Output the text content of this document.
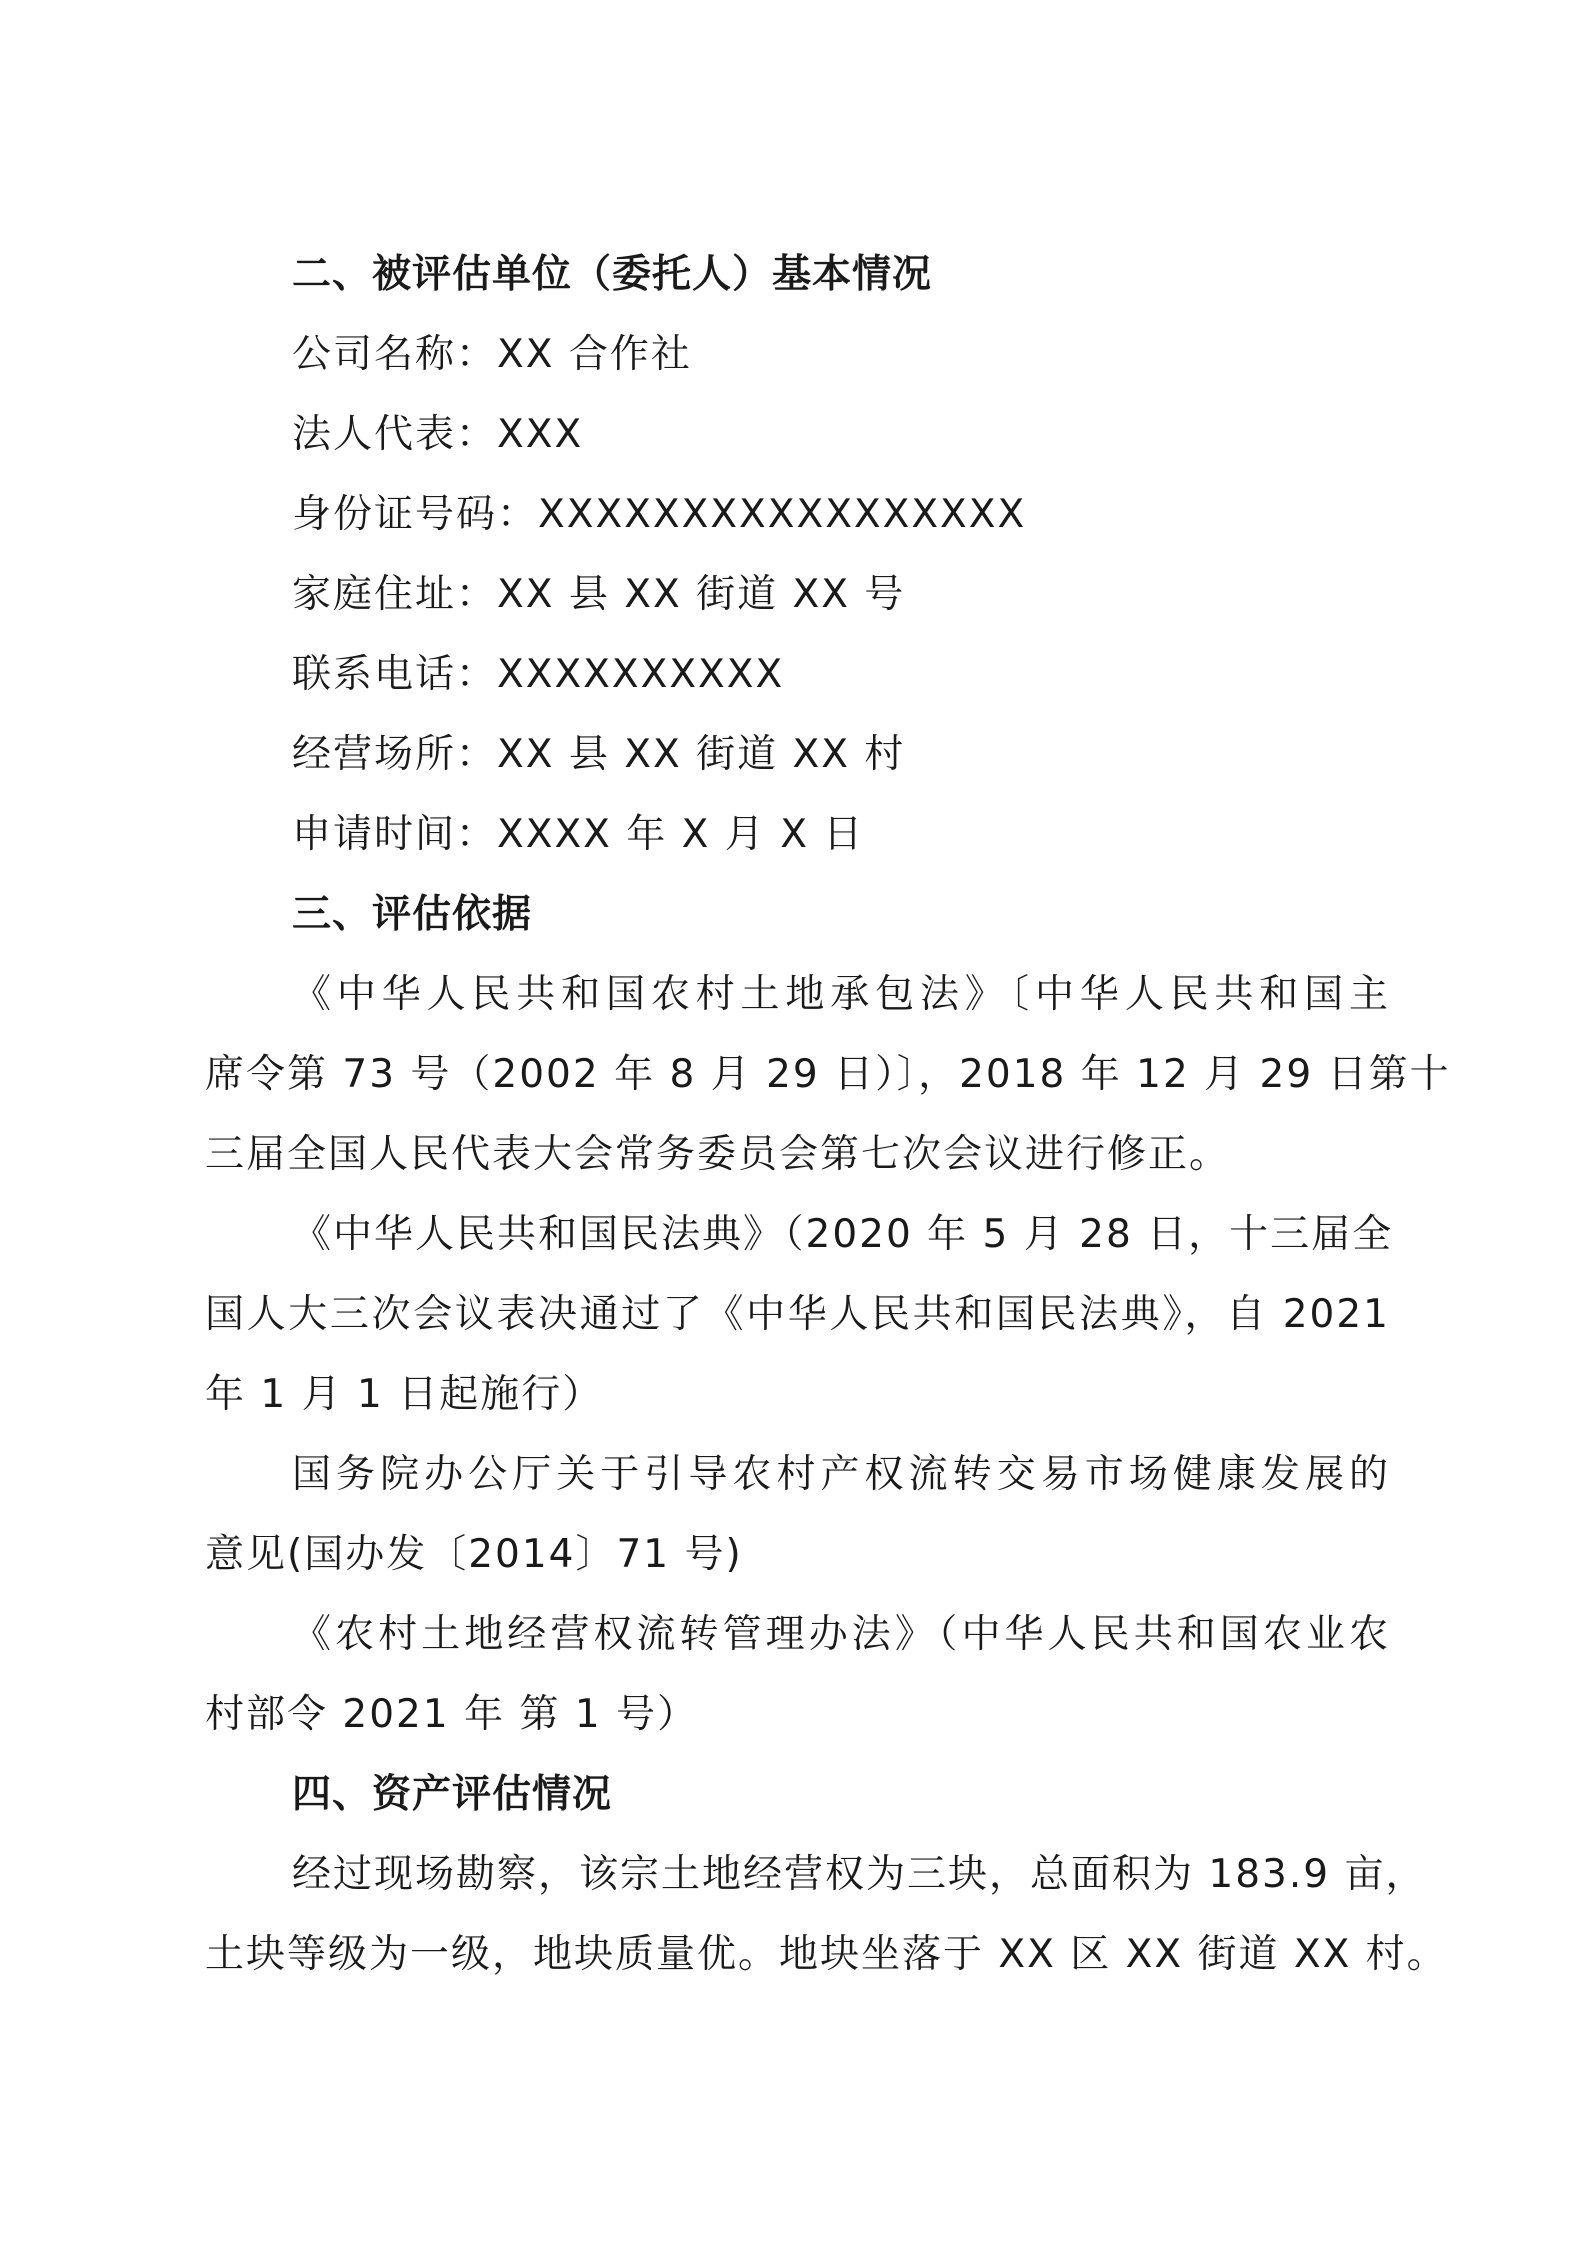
二、被评估单位（委托人）基本情况
公司名称：XX 合作社
法人代表：XXX
身份证号码：XXXXXXXXXXXXXXXXX
家庭住址：XX 县 XX 街道 XX 号
联系电话：XXXXXXXXXX
经营场所：XX 县 XX 街道 XX 村
申请时间：XXXX 年 X 月 X 日
三、评估依据
《中华人民共和国农村土地承包法》〔中华人民共和国主
席令第 73 号（2002 年 8 月 29 日）〕，2018 年 12 月 29 日第十
三届全国人民代表大会常务委员会第七次会议进行修正。
《中华人民共和国民法典》（2020 年 5 月 28 日，十三届全
国人大三次会议表决通过了《中华人民共和国民法典》，自 2021
年 1 月 1 日起施行）
国务院办公厅关于引导农村产权流转交易市场健康发展的
意见(国办发〔2014〕71 号)
《农村土地经营权流转管理办法》（中华人民共和国农业农
村部令 2021 年 第 1 号）
四、资产评估情况
经过现场勘察，该宗土地经营权为三块，总面积为 183.9 亩，
土块等级为一级，地块质量优。地块坐落于 XX 区 XX 街道 XX 村。
